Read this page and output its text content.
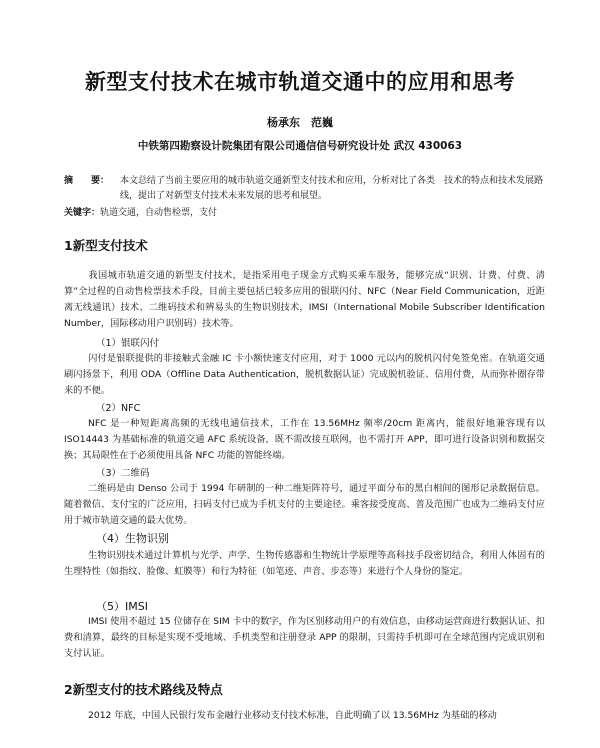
新型支付技术在城市轨道交通中的应用和思考
杨承东　范巍
中铁第四勘察设计院集团有限公司通信信号研究设计处 武汉 430063
摘　　要：	本文总结了当前主要应用的城市轨道交通新型支付技术和应用，分析对比了各类　技术的特点和技术发展路线，提出了对新型支付技术未来发展的思考和展望。
关键字：轨道交通，自动售检票，支付
1新型支付技术
我国城市轨道交通的新型支付技术，是指采用电子现金方式购买乘车服务，能够完成“识别、计费、付费、清算”全过程的自动售检票技术手段，目前主要包括已较多应用的银联闪付、NFC（Near Field Communication，近距离无线通讯）技术、二维码技术和辨易头的生物识别技术，IMSI（International Mobile Subscriber Identification Number，国际移动用户识别码）技术等。
（1）银联闪付
闪付是银联提供的非接触式金融 IC 卡小额快速支付应用，对于 1000 元以内的脱机闪付免签免密。在轨道交通刷闪扬景下，利用 ODA（Offline Data Authentication，脱机数据认证）完成脱机验证、信用付费，从而弥补圈存带来的不便。
（2）NFC
NFC 是一种短距离高频的无线电通信技术，工作在 13.56MHz 频率/20cm 距离内，能很好地兼容现有以 ISO14443 为基础标准的轨道交通 AFC 系统设备，既不需改接互联网，也不需打开 APP，即可进行设备识别和数据交换；其局限性在于必须使用具备 NFC 功能的智能终端。
（3）二维码
二维码是由 Denso 公司于 1994 年研制的一种二维矩阵符号，通过平面分布的黑白相间的图形记录数据信息。随着微信、支付宝的广泛应用，扫码支付已成为手机支付的主要途径。乘客接受度高、普及范围广也成为二维码支付应用于城市轨道交通的最大优势。
（4）生物识别
生物识别技术通过计算机与光学、声学、生物传感器和生物统计学原理等高科技手段密切结合，利用人体固有的生理特性（如指纹、脸像、虹膜等）和行为特征（如笔迹、声音、步态等）来进行个人身份的鉴定。
（5）IMSI
IMSI 使用不超过 15 位储存在 SIM 卡中的数字，作为区别移动用户的有效信息，由移动运营商进行数据认证、扣费和清算，最终的目标是实现不受地域、手机类型和注册登录 APP 的限制，只需持手机即可在全球范围内完成识别和支付认证。
2新型支付的技术路线及特点
2012 年底，中国人民银行发布金融行业移动支付技术标准，自此明确了以 13.56MHz 为基础的移动
